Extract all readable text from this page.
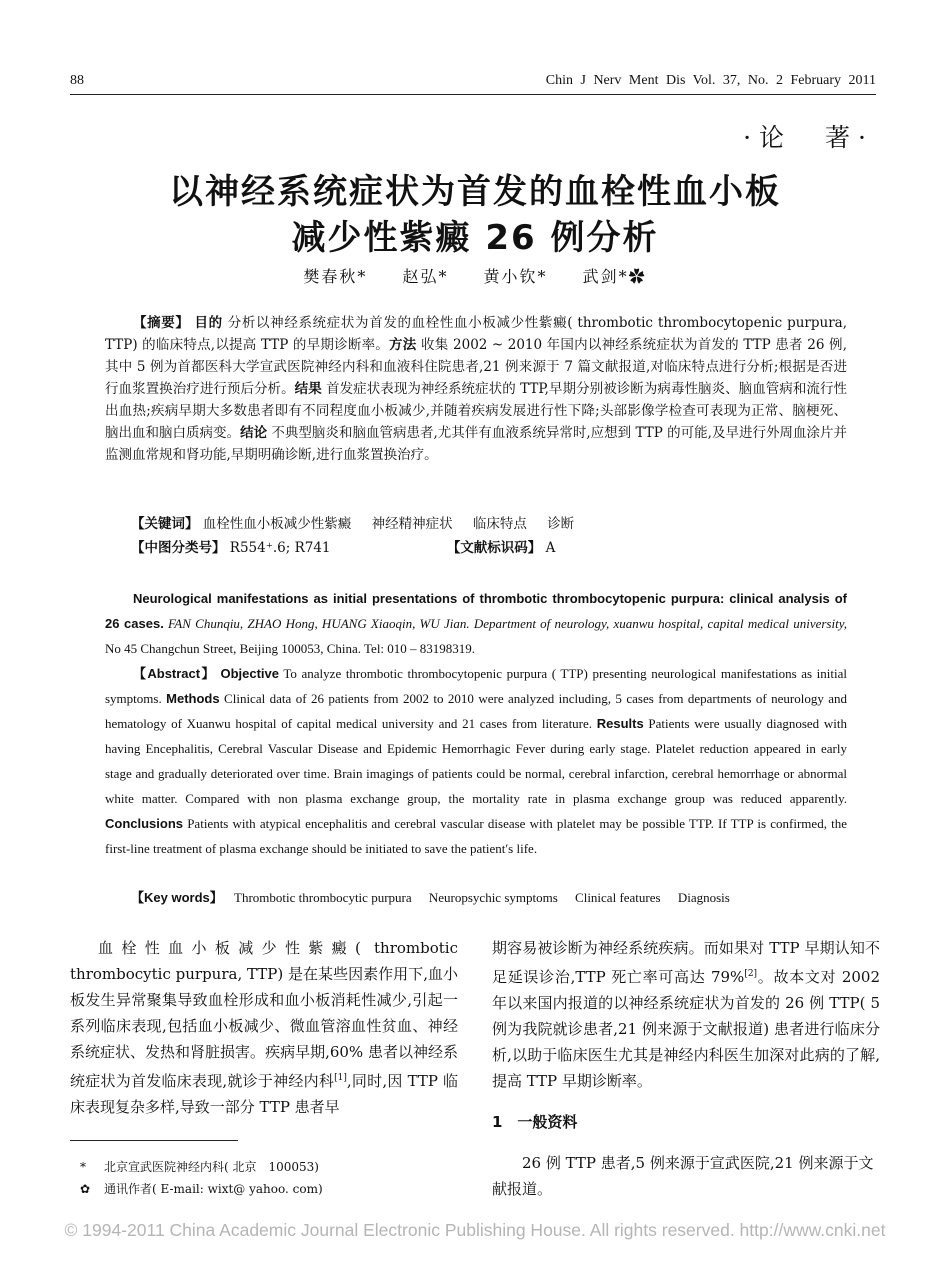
88	Chin J Nerv Ment Dis Vol. 37, No. 2 February 2011
·论　著·
以神经系统症状为首发的血栓性血小板
减少性紫癜 26 例分析
樊春秋* 赵弘* 黄小钦* 武剑*✿
【摘要】 目的 分析以神经系统症状为首发的血栓性血小板减少性紫癜( thrombotic thrombocytopenic purpura, TTP) 的临床特点,以提高 TTP 的早期诊断率。方法 收集 2002 ~ 2010 年国内以神经系统症状为首发的 TTP 患者 26 例,其中 5 例为首都医科大学宣武医院神经内科和血液科住院患者,21 例来源于 7 篇文献报道,对临床特点进行分析;根据是否进行血浆置换治疗进行预后分析。结果 首发症状表现为神经系统症状的 TTP,早期分别被诊断为病毒性脑炎、脑血管病和流行性出血热;疾病早期大多数患者即有不同程度血小板减少,并随着疾病发展进行性下降;头部影像学检查可表现为正常、脑梗死、脑出血和脑白质病变。结论 不典型脑炎和脑血管病患者,尤其伴有血液系统异常时,应想到 TTP 的可能,及早进行外周血涂片并监测血常规和肾功能,早期明确诊断,进行血浆置换治疗。
【关键词】 血栓性血小板减少性紫癜 神经精神症状 临床特点 诊断
【中图分类号】 R554⁺.6; R741	【文献标识码】 A
Neurological manifestations as initial presentations of thrombotic thrombocytopenic purpura: clinical analysis of 26 cases. FAN Chunqiu, ZHAO Hong, HUANG Xiaoqin, WU Jian. Department of neurology, xuanwu hospital, capital medical university, No 45 Changchun Street, Beijing 100053, China. Tel: 010 – 83198319.
【Abstract】 Objective To analyze thrombotic thrombocytopenic purpura ( TTP) presenting neurological manifestations as initial symptoms. Methods Clinical data of 26 patients from 2002 to 2010 were analyzed including, 5 cases from departments of neurology and hematology of Xuanwu hospital of capital medical university and 21 cases from literature. Results Patients were usually diagnosed with having Encephalitis, Cerebral Vascular Disease and Epidemic Hemorrhagic Fever during early stage. Platelet reduction appeared in early stage and gradually deteriorated over time. Brain imagings of patients could be normal, cerebral infarction, cerebral hemorrhage or abnormal white matter. Compared with non plasma exchange group, the mortality rate in plasma exchange group was reduced apparently. Conclusions Patients with atypical encephalitis and cerebral vascular disease with platelet may be possible TTP. If TTP is confirmed, the first-line treatment of plasma exchange should be initiated to save the patient′s life.
【Key words】 Thrombotic thrombocytic purpura Neuropsychic symptoms Clinical features Diagnosis
血栓性血小板减少性紫癜( thrombotic thrombocytic purpura, TTP) 是在某些因素作用下,血小板发生异常聚集导致血栓形成和血小板消耗性减少,引起一系列临床表现,包括血小板减少、微血管溶血性贫血、神经系统症状、发热和肾脏损害。疾病早期,60% 患者以神经系统症状为首发临床表现,就诊于神经内科[1],同时,因 TTP 临床表现复杂多样,导致一部分 TTP 患者早
期容易被诊断为神经系统疾病。而如果对 TTP 早期认知不足延误诊治,TTP 死亡率可高达 79%[2]。故本文对 2002 年以来国内报道的以神经系统症状为首发的 26 例 TTP( 5 例为我院就诊患者,21 例来源于文献报道) 患者进行临床分析,以助于临床医生尤其是神经内科医生加深对此病的了解,提高 TTP 早期诊断率。
1　一般资料
26 例 TTP 患者,5 例来源于宣武医院,21 例来源于文献报道。
* 北京宣武医院神经内科( 北京　100053)
✿ 通讯作者( E-mail: wixt@ yahoo. com)
© 1994-2011 China Academic Journal Electronic Publishing House. All rights reserved. http://www.cnki.net
